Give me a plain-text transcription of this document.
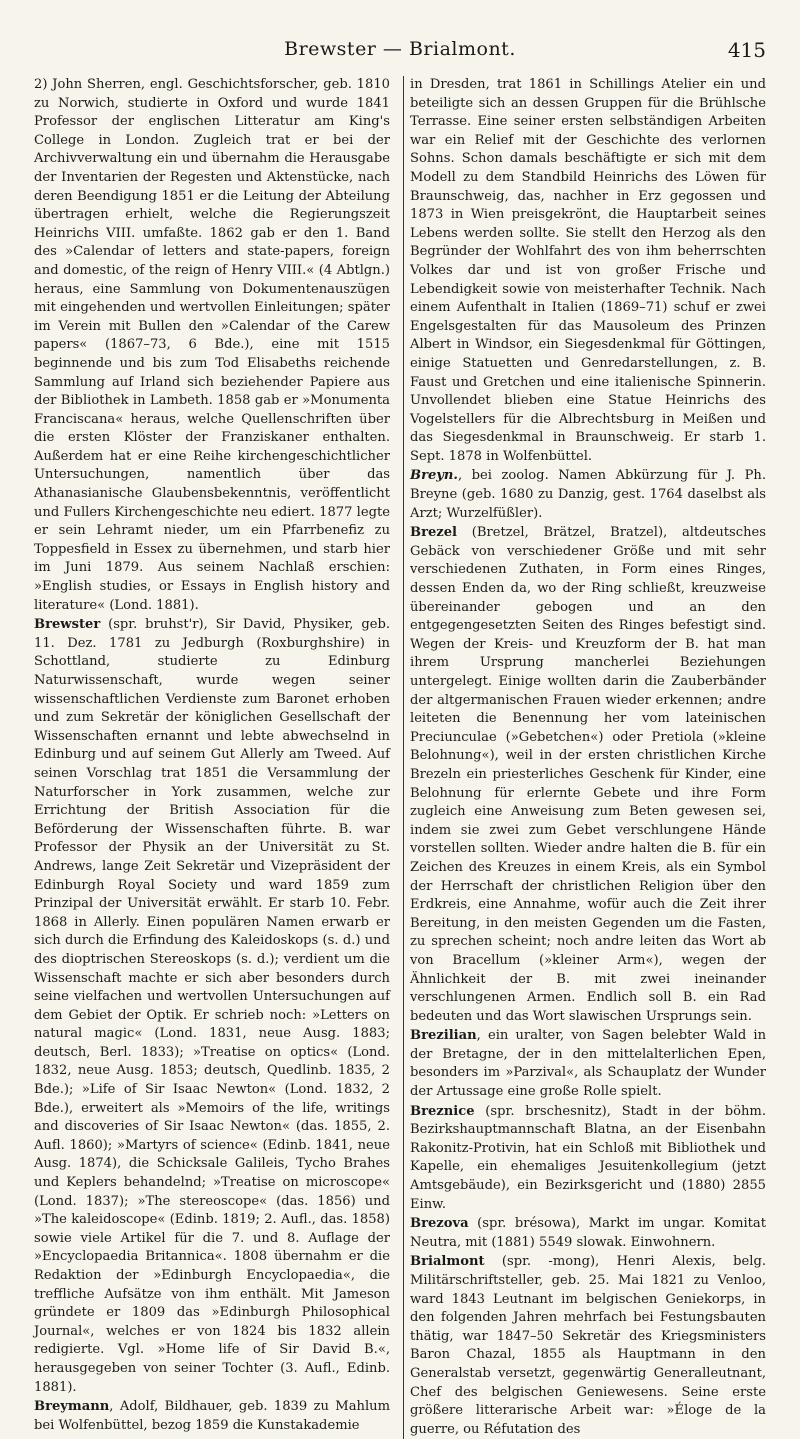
Brewster — Brialmont.	415

2) John Sherren, engl. Geschichtsforscher, geb. 1810 zu Norwich, studierte in Oxford und wurde 1841 Professor der englischen Litteratur am King's College in London. Zugleich trat er bei der Archivverwaltung ein und übernahm die Herausgabe der Inventarien der Regesten und Aktenstücke, nach deren Beendigung 1851 er die Leitung der Abteilung übertragen erhielt, welche die Regierungszeit Heinrichs VIII. umfaßte. 1862 gab er den 1. Band des »Calendar of letters and state-papers, foreign and domestic, of the reign of Henry VIII.« (4 Abtlgn.) heraus, eine Sammlung von Dokumentenauszügen mit eingehenden und wertvollen Einleitungen; später im Verein mit Bullen den »Calendar of the Carew papers« (1867–73, 6 Bde.), eine mit 1515 beginnende und bis zum Tod Elisabeths reichende Sammlung auf Irland sich beziehender Papiere aus der Bibliothek in Lambeth. 1858 gab er »Monumenta Franciscana« heraus, welche Quellenschriften über die ersten Klöster der Franziskaner enthalten. Außerdem hat er eine Reihe kirchengeschichtlicher Untersuchungen, namentlich über das Athanasianische Glaubensbekenntnis, veröffentlicht und Fullers Kirchengeschichte neu ediert. 1877 legte er sein Lehramt nieder, um ein Pfarrbenefiz zu Toppesfield in Essex zu übernehmen, und starb hier im Juni 1879. Aus seinem Nachlaß erschien: »English studies, or Essays in English history and literature« (Lond. 1881).

Brewster (spr. bruhst'r), Sir David, Physiker, geb. 11. Dez. 1781 zu Jedburgh (Roxburghshire) in Schottland, studierte zu Edinburg Naturwissenschaft, wurde wegen seiner wissenschaftlichen Verdienste zum Baronet erhoben und zum Sekretär der königlichen Gesellschaft der Wissenschaften ernannt und lebte abwechselnd in Edinburg und auf seinem Gut Allerly am Tweed. Auf seinen Vorschlag trat 1851 die Versammlung der Naturforscher in York zusammen, welche zur Errichtung der British Association für die Beförderung der Wissenschaften führte. B. war Professor der Physik an der Universität zu St. Andrews, lange Zeit Sekretär und Vizepräsident der Edinburgh Royal Society und ward 1859 zum Prinzipal der Universität erwählt. Er starb 10. Febr. 1868 in Allerly. Einen populären Namen erwarb er sich durch die Erfindung des Kaleidoskops (s. d.) und des dioptrischen Stereoskops (s. d.); verdient um die Wissenschaft machte er sich aber besonders durch seine vielfachen und wertvollen Untersuchungen auf dem Gebiet der Optik. Er schrieb noch: »Letters on natural magic« (Lond. 1831, neue Ausg. 1883; deutsch, Berl. 1833); »Treatise on optics« (Lond. 1832, neue Ausg. 1853; deutsch, Quedlinb. 1835, 2 Bde.); »Life of Sir Isaac Newton« (Lond. 1832, 2 Bde.), erweitert als »Memoirs of the life, writings and discoveries of Sir Isaac Newton« (das. 1855, 2. Aufl. 1860); »Martyrs of science« (Edinb. 1841, neue Ausg. 1874), die Schicksale Galileis, Tycho Brahes und Keplers behandelnd; »Treatise on microscope« (Lond. 1837); »The stereoscope« (das. 1856) und »The kaleidoscope« (Edinb. 1819; 2. Aufl., das. 1858) sowie viele Artikel für die 7. und 8. Auflage der »Encyclopaedia Britannica«. 1808 übernahm er die Redaktion der »Edinburgh Encyclopaedia«, die treffliche Aufsätze von ihm enthält. Mit Jameson gründete er 1809 das »Edinburgh Philosophical Journal«, welches er von 1824 bis 1832 allein redigierte. Vgl. »Home life of Sir David B.«, herausgegeben von seiner Tochter (3. Aufl., Edinb. 1881).

Breymann, Adolf, Bildhauer, geb. 1839 zu Mahlum bei Wolfenbüttel, bezog 1859 die Kunstakademie

in Dresden, trat 1861 in Schillings Atelier ein und beteiligte sich an dessen Gruppen für die Brühlsche Terrasse. Eine seiner ersten selbständigen Arbeiten war ein Relief mit der Geschichte des verlornen Sohns. Schon damals beschäftigte er sich mit dem Modell zu dem Standbild Heinrichs des Löwen für Braunschweig, das, nachher in Erz gegossen und 1873 in Wien preisgekrönt, die Hauptarbeit seines Lebens werden sollte. Sie stellt den Herzog als den Begründer der Wohlfahrt des von ihm beherrschten Volkes dar und ist von großer Frische und Lebendigkeit sowie von meisterhafter Technik. Nach einem Aufenthalt in Italien (1869–71) schuf er zwei Engelsgestalten für das Mausoleum des Prinzen Albert in Windsor, ein Siegesdenkmal für Göttingen, einige Statuetten und Genredarstellungen, z. B. Faust und Gretchen und eine italienische Spinnerin. Unvollendet blieben eine Statue Heinrichs des Vogelstellers für die Albrechtsburg in Meißen und das Siegesdenkmal in Braunschweig. Er starb 1. Sept. 1878 in Wolfenbüttel.

Breyn., bei zoolog. Namen Abkürzung für J. Ph. Breyne (geb. 1680 zu Danzig, gest. 1764 daselbst als Arzt; Wurzelfüßler).

Brezel (Bretzel, Brätzel, Bratzel), altdeutsches Gebäck von verschiedener Größe und mit sehr verschiedenen Zuthaten, in Form eines Ringes, dessen Enden da, wo der Ring schließt, kreuzweise übereinander gebogen und an den entgegengesetzten Seiten des Ringes befestigt sind. Wegen der Kreis- und Kreuzform der B. hat man ihrem Ursprung mancherlei Beziehungen untergelegt. Einige wollten darin die Zauberbänder der altgermanischen Frauen wieder erkennen; andre leiteten die Benennung her vom lateinischen Preciunculae (»Gebetchen«) oder Pretiola (»kleine Belohnung«), weil in der ersten christlichen Kirche Brezeln ein priesterliches Geschenk für Kinder, eine Belohnung für erlernte Gebete und ihre Form zugleich eine Anweisung zum Beten gewesen sei, indem sie zwei zum Gebet verschlungene Hände vorstellen sollten. Wieder andre halten die B. für ein Zeichen des Kreuzes in einem Kreis, als ein Symbol der Herrschaft der christlichen Religion über den Erdkreis, eine Annahme, wofür auch die Zeit ihrer Bereitung, in den meisten Gegenden um die Fasten, zu sprechen scheint; noch andre leiten das Wort ab von Bracellum (»kleiner Arm«), wegen der Ähnlichkeit der B. mit zwei ineinander verschlungenen Armen. Endlich soll B. ein Rad bedeuten und das Wort slawischen Ursprungs sein.

Brezilian, ein uralter, von Sagen belebter Wald in der Bretagne, der in den mittelalterlichen Epen, besonders im »Parzival«, als Schauplatz der Wunder der Artussage eine große Rolle spielt.

Breznice (spr. brschesnitz), Stadt in der böhm. Bezirkshauptmannschaft Blatna, an der Eisenbahn Rakonitz-Protivin, hat ein Schloß mit Bibliothek und Kapelle, ein ehemaliges Jesuitenkollegium (jetzt Amtsgebäude), ein Bezirksgericht und (1880) 2855 Einw.

Brezova (spr. brésowa), Markt im ungar. Komitat Neutra, mit (1881) 5549 slowak. Einwohnern.

Brialmont (spr. -mong), Henri Alexis, belg. Militärschriftsteller, geb. 25. Mai 1821 zu Venloo, ward 1843 Leutnant im belgischen Geniekorps, in den folgenden Jahren mehrfach bei Festungsbauten thätig, war 1847–50 Sekretär des Kriegsministers Baron Chazal, 1855 als Hauptmann in den Generalstab versetzt, gegenwärtig Generalleutnant, Chef des belgischen Geniewesens. Seine erste größere litterarische Arbeit war: »Éloge de la guerre, ou Réfutation des
